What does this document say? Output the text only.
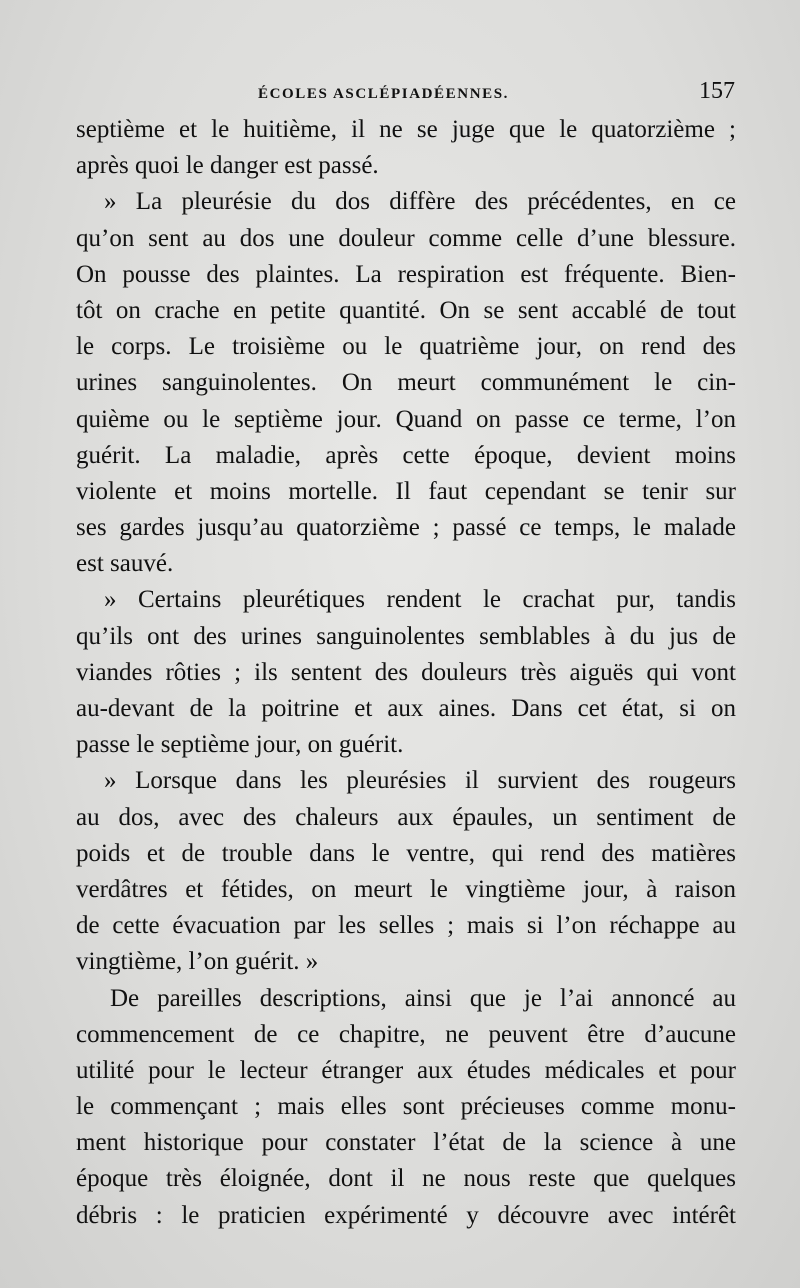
ÉCOLES ASCLÉPIADÉENNES.	157
septième et le huitième, il ne se juge que le quatorzième ;
après quoi le danger est passé.
» La pleurésie du dos diffère des précédentes, en ce
qu’on sent au dos une douleur comme celle d’une blessure.
On pousse des plaintes. La respiration est fréquente. Bien-
tôt on crache en petite quantité. On se sent accablé de tout
le corps. Le troisième ou le quatrième jour, on rend des
urines sanguinolentes. On meurt communément le cin-
quième ou le septième jour. Quand on passe ce terme, l’on
guérit. La maladie, après cette époque, devient moins
violente et moins mortelle. Il faut cependant se tenir sur
ses gardes jusqu’au quatorzième ; passé ce temps, le malade
est sauvé.
» Certains pleurétiques rendent le crachat pur, tandis
qu’ils ont des urines sanguinolentes semblables à du jus de
viandes rôties ; ils sentent des douleurs très aiguës qui vont
au-devant de la poitrine et aux aines. Dans cet état, si on
passe le septième jour, on guérit.
» Lorsque dans les pleurésies il survient des rougeurs
au dos, avec des chaleurs aux épaules, un sentiment de
poids et de trouble dans le ventre, qui rend des matières
verdâtres et fétides, on meurt le vingtième jour, à raison
de cette évacuation par les selles ; mais si l’on réchappe au
vingtième, l’on guérit. »
De pareilles descriptions, ainsi que je l’ai annoncé au
commencement de ce chapitre, ne peuvent être d’aucune
utilité pour le lecteur étranger aux études médicales et pour
le commençant ; mais elles sont précieuses comme monu-
ment historique pour constater l’état de la science à une
époque très éloignée, dont il ne nous reste que quelques
débris : le praticien expérimenté y découvre avec intérêt
